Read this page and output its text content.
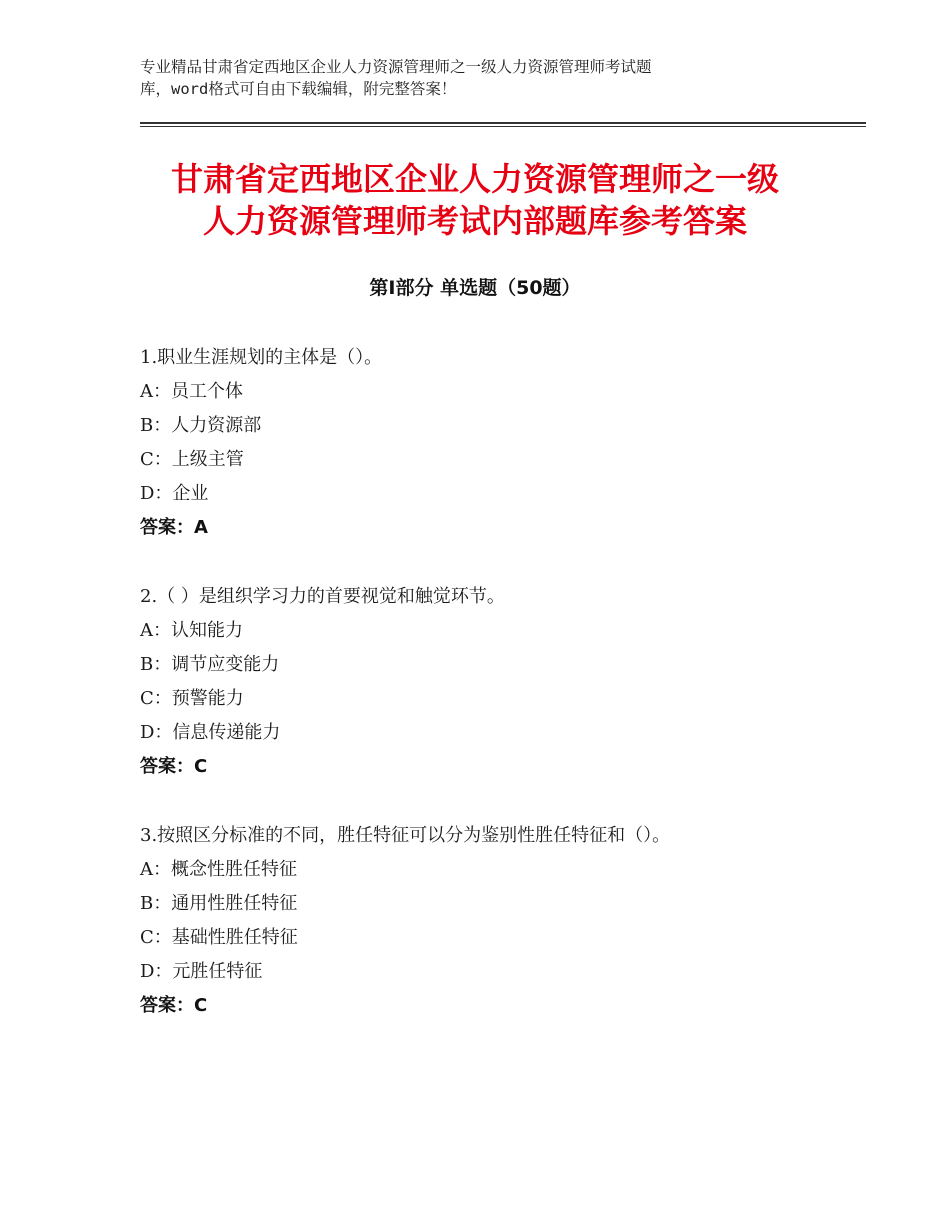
专业精品甘肃省定西地区企业人力资源管理师之一级人力资源管理师考试题
库，word格式可自由下载编辑，附完整答案！
甘肃省定西地区企业人力资源管理师之一级
人力资源管理师考试内部题库参考答案
第Ⅰ部分 单选题（50题）
1.职业生涯规划的主体是（）。
A：员工个体
B：人力资源部
C：上级主管
D：企业
答案：A
2.（ ）是组织学习力的首要视觉和触觉环节。
A：认知能力
B：调节应变能力
C：预警能力
D：信息传递能力
答案：C
3.按照区分标准的不同，胜任特征可以分为鉴别性胜任特征和（）。
A：概念性胜任特征
B：通用性胜任特征
C：基础性胜任特征
D：元胜任特征
答案：C
